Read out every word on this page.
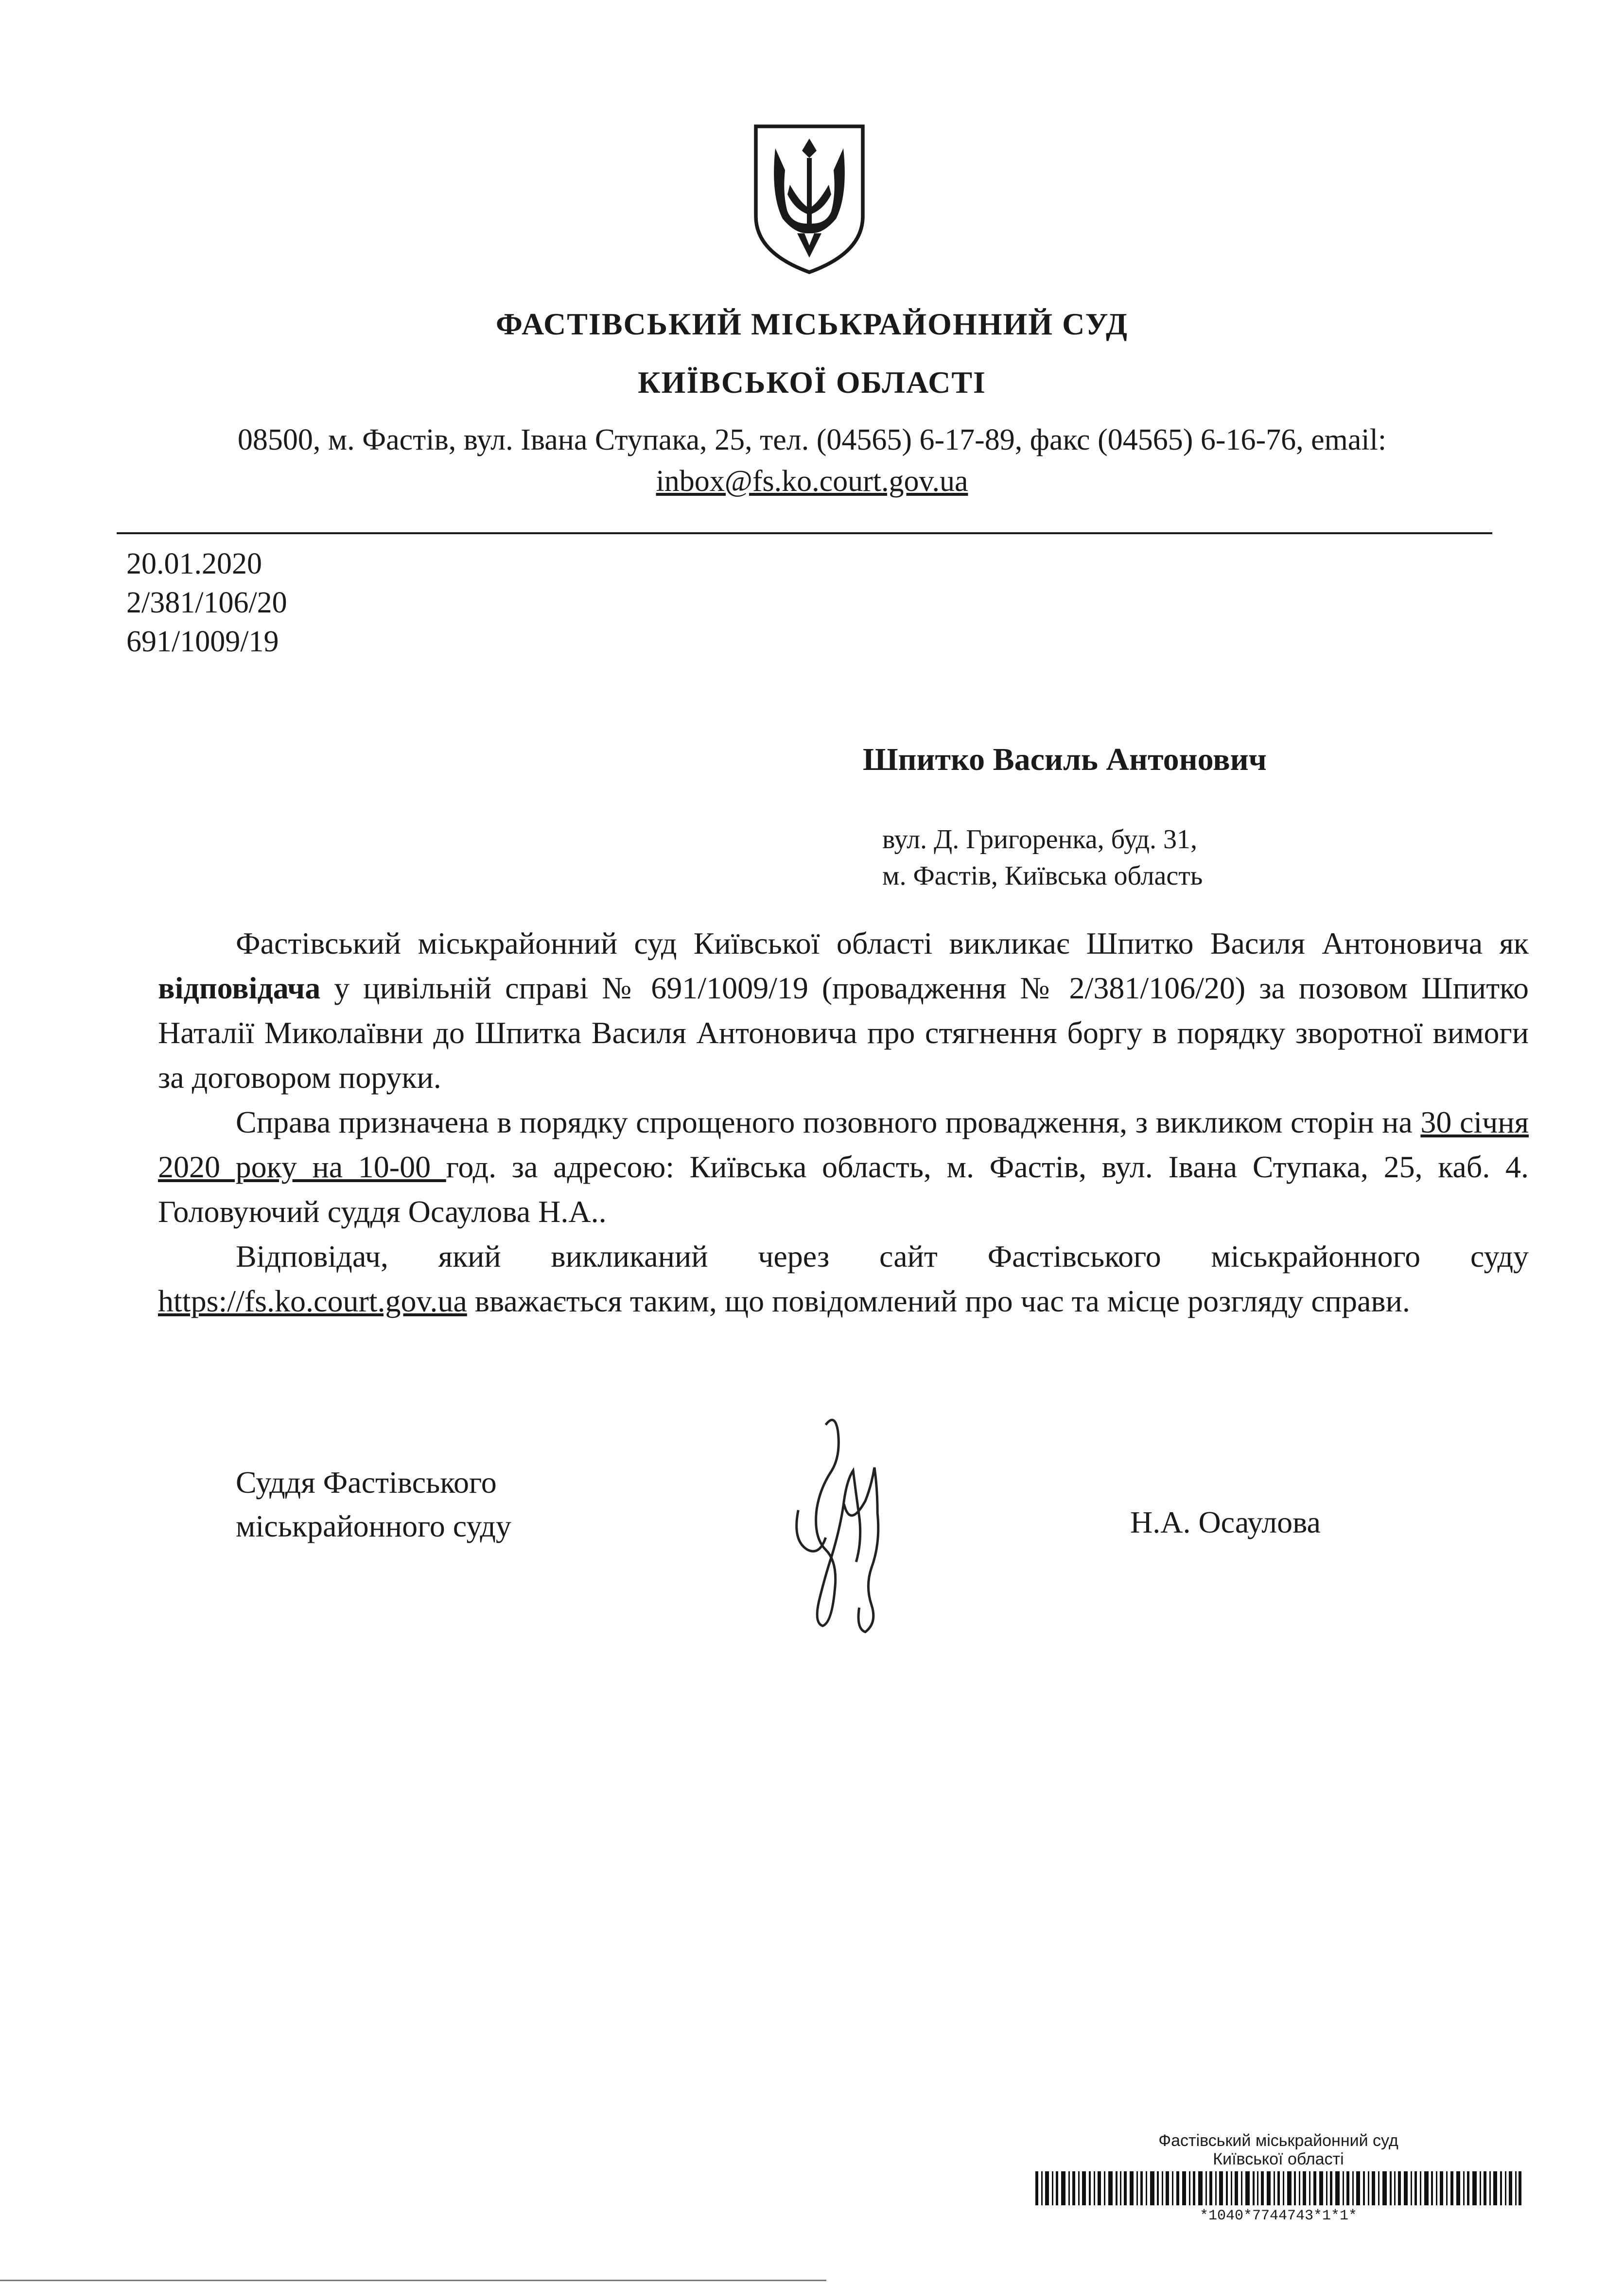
ФАСТІВСЬКИЙ МІСЬКРАЙОННИЙ СУД
КИЇВСЬКОЇ ОБЛАСТІ
08500, м. Фастів, вул. Івана Ступака, 25, тел. (04565) 6-17-89, факс (04565) 6-16-76, email:
inbox@fs.ko.court.gov.ua
20.01.2020
2/381/106/20
691/1009/19
Шпитко Василь Антонович
вул. Д. Григоренка, буд. 31,
м. Фастів, Київська область

Фастівський міськрайонний суд Київської області викликає Шпитко Василя Антоновича як відповідача у цивільній справі № 691/1009/19 (провадження № 2/381/106/20) за позовом Шпитко Наталії Миколаївни до Шпитка Василя Антоновича про стягнення боргу в порядку зворотної вимоги за договором поруки.

Справа призначена в порядку спрощеного позовного провадження, з викликом сторін на 30 січня 2020 року на 10-00 год. за адресою: Київська область, м. Фастів, вул. Івана Ступака, 25, каб. 4. Головуючий суддя Осаулова Н.А..

Відповідач, який викликаний через сайт Фастівського міськрайонного суду https://fs.ko.court.gov.ua вважається таким, що повідомлений про час та місце розгляду справи.

Суддя Фастівського
міськрайонного суду	Н.А. Осаулова
Фастівський міськрайонний суд
Київської області
*1040*7744743*1*1*
